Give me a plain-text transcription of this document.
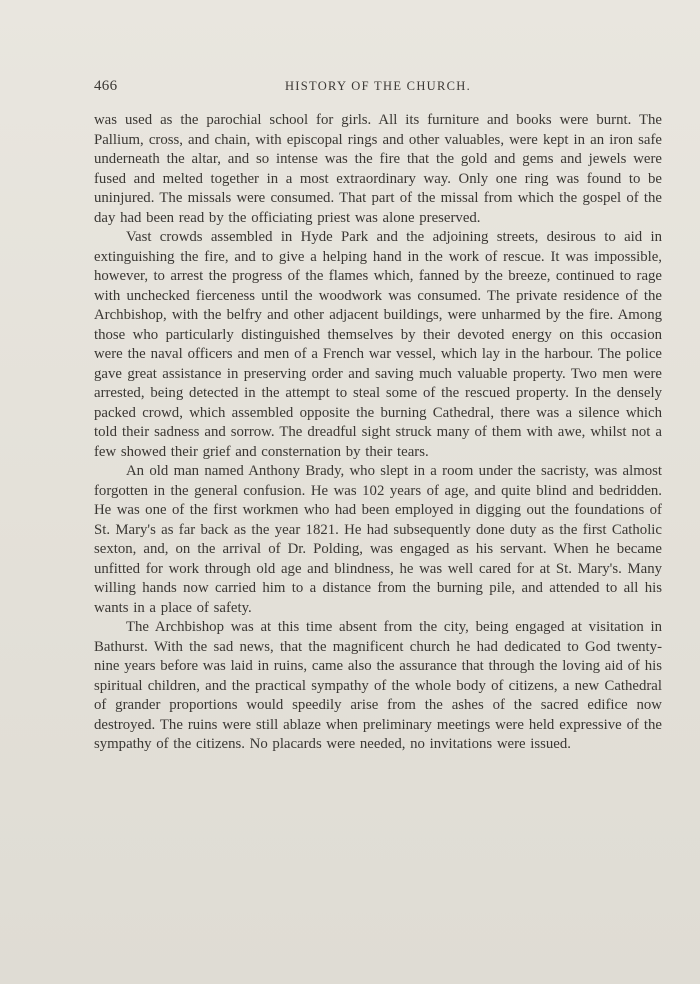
466	HISTORY OF THE CHURCH.

was used as the parochial school for girls. All its furniture and books were burnt. The Pallium, cross, and chain, with episcopal rings and other valuables, were kept in an iron safe underneath the altar, and so intense was the fire that the gold and gems and jewels were fused and melted together in a most extraordinary way. Only one ring was found to be uninjured. The missals were consumed. That part of the missal from which the gospel of the day had been read by the officiating priest was alone preserved.

Vast crowds assembled in Hyde Park and the adjoining streets, desirous to aid in extinguishing the fire, and to give a helping hand in the work of rescue. It was impossible, however, to arrest the progress of the flames which, fanned by the breeze, continued to rage with unchecked fierceness until the woodwork was consumed. The private residence of the Archbishop, with the belfry and other adjacent buildings, were unharmed by the fire. Among those who particularly distinguished themselves by their devoted energy on this occasion were the naval officers and men of a French war vessel, which lay in the harbour. The police gave great assistance in preserving order and saving much valuable property. Two men were arrested, being detected in the attempt to steal some of the rescued property. In the densely packed crowd, which assembled opposite the burning Cathedral, there was a silence which told their sadness and sorrow. The dreadful sight struck many of them with awe, whilst not a few showed their grief and consternation by their tears.

An old man named Anthony Brady, who slept in a room under the sacristy, was almost forgotten in the general confusion. He was 102 years of age, and quite blind and bedridden. He was one of the first workmen who had been employed in digging out the foundations of St. Mary's as far back as the year 1821. He had subsequently done duty as the first Catholic sexton, and, on the arrival of Dr. Polding, was engaged as his servant. When he became unfitted for work through old age and blindness, he was well cared for at St. Mary's. Many willing hands now carried him to a distance from the burning pile, and attended to all his wants in a place of safety.

The Archbishop was at this time absent from the city, being engaged at visitation in Bathurst. With the sad news, that the magnificent church he had dedicated to God twenty-nine years before was laid in ruins, came also the assurance that through the loving aid of his spiritual children, and the practical sympathy of the whole body of citizens, a new Cathedral of grander proportions would speedily arise from the ashes of the sacred edifice now destroyed. The ruins were still ablaze when preliminary meetings were held expressive of the sympathy of the citizens. No placards were needed, no invitations were issued.
